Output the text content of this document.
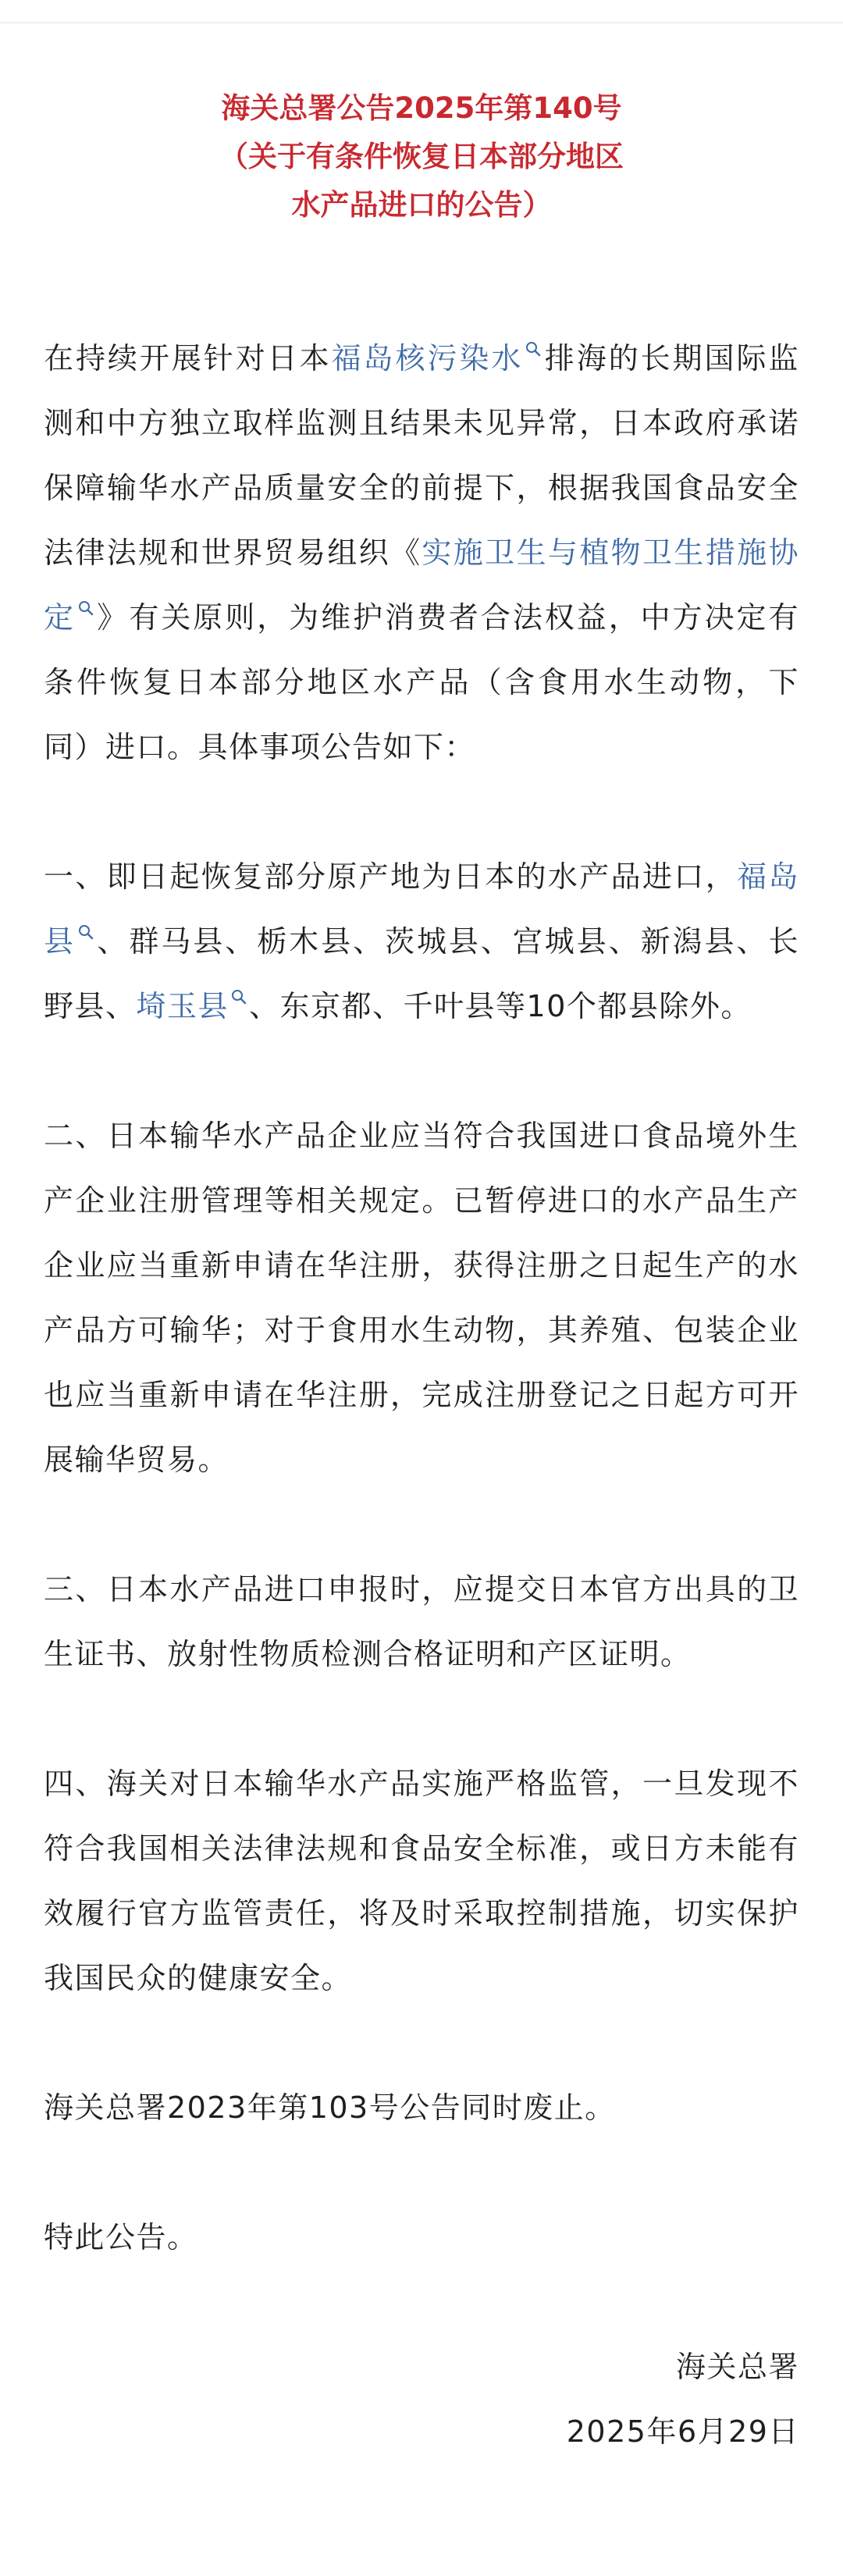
海关总署公告2025年第140号
（关于有条件恢复日本部分地区
水产品进口的公告）

在持续开展针对日本福岛核污染水 排海的长期国际监测和中方独立取样监测且结果未见异常，日本政府承诺保障输华水产品质量安全的前提下，根据我国食品安全法律法规和世界贸易组织《实施卫生与植物卫生措施协定 》有关原则，为维护消费者合法权益，中方决定有条件恢复日本部分地区水产品（含食用水生动物，下同）进口。具体事项公告如下：

一、即日起恢复部分原产地为日本的水产品进口，福岛县 、群马县、栃木县、茨城县、宫城县、新潟县、长野县、埼玉县 、东京都、千叶县等10个都县除外。

二、日本输华水产品企业应当符合我国进口食品境外生产企业注册管理等相关规定。已暂停进口的水产品生产企业应当重新申请在华注册，获得注册之日起生产的水产品方可输华；对于食用水生动物，其养殖、包装企业也应当重新申请在华注册，完成注册登记之日起方可开展输华贸易。

三、日本水产品进口申报时，应提交日本官方出具的卫生证书、放射性物质检测合格证明和产区证明。

四、海关对日本输华水产品实施严格监管，一旦发现不符合我国相关法律法规和食品安全标准，或日方未能有效履行官方监管责任，将及时采取控制措施，切实保护我国民众的健康安全。

海关总署2023年第103号公告同时废止。

特此公告。

海关总署

2025年6月29日
